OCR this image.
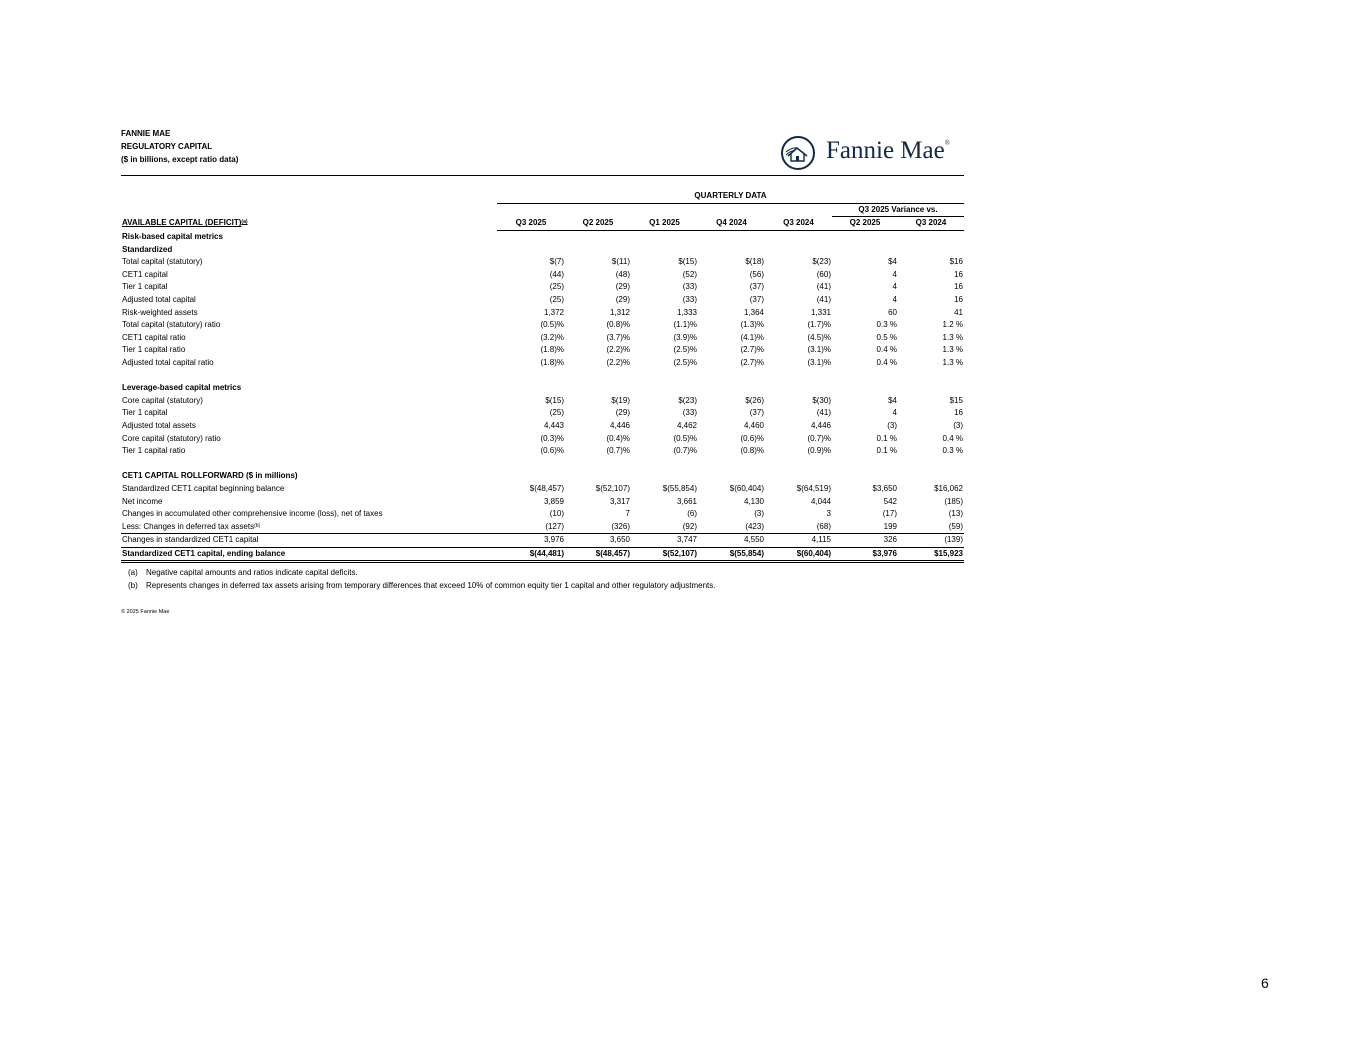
FANNIE MAE
REGULATORY CAPITAL
($ in billions, except ratio data)	Fannie Mae®
	QUARTERLY DATA						
						Q3 2025 Variance vs.	
AVAILABLE CAPITAL (DEFICIT)$^{(a)}$	Q3 2025	Q2 2025	Q1 2025	Q4 2024	Q3 2024	Q2 2025	Q3 2024
Risk-based capital metrics							
Standardized							
Total capital (statutory)	$(7)	$(11)	$(15)	$(18)	$(23)	$4	$16
CET1 capital	(44)	(48)	(52)	(56)	(60)	4	16
Tier 1 capital	(25)	(29)	(33)	(37)	(41)	4	16
Adjusted total capital	(25)	(29)	(33)	(37)	(41)	4	16
Risk-weighted assets	1,372	1,312	1,333	1,364	1,331	60	41
Total capital (statutory) ratio	(0.5)%	(0.8)%	(1.1)%	(1.3)%	(1.7)%	0.3 %	1.2 %
CET1 capital ratio	(3.2)%	(3.7)%	(3.9)%	(4.1)%	(4.5)%	0.5 %	1.3 %
Tier 1 capital ratio	(1.8)%	(2.2)%	(2.5)%	(2.7)%	(3.1)%	0.4 %	1.3 %
Adjusted total capital ratio	(1.8)%	(2.2)%	(2.5)%	(2.7)%	(3.1)%	0.4 %	1.3 %

Leverage-based capital metrics							
Core capital (statutory)	$(15)	$(19)	$(23)	$(26)	$(30)	$4	$15
Tier 1 capital	(25)	(29)	(33)	(37)	(41)	4	16
Adjusted total assets	4,443	4,446	4,462	4,460	4,446	(3)	(3)
Core capital (statutory) ratio	(0.3)%	(0.4)%	(0.5)%	(0.6)%	(0.7)%	0.1 %	0.4 %
Tier 1 capital ratio	(0.6)%	(0.7)%	(0.7)%	(0.8)%	(0.9)%	0.1 %	0.3 %

CET1 CAPITAL ROLLFORWARD ($ in millions)							
Standardized CET1 capital beginning balance	$(48,457)	$(52,107)	$(55,854)	$(60,404)	$(64,519)	$3,650	$16,062
Net income	3,859	3,317	3,661	4,130	4,044	542	(185)
Changes in accumulated other comprehensive income (loss), net of taxes	(10)	7	(6)	(3)	3	(17)	(13)
Less: Changes in deferred tax assets$^{(b)}$	(127)	(326)	(92)	(423)	(68)	199	(59)
Changes in standardized CET1 capital	3,976	3,650	3,747	4,550	4,115	326	(139)
Standardized CET1 capital, ending balance	$(44,481)	$(48,457)	$(52,107)	$(55,854)	$(60,404)	$3,976	$15,923
(a) Negative capital amounts and ratios indicate capital deficits.
(b) Represents changes in deferred tax assets arising from temporary differences that exceed 10% of common equity tier 1 capital and other regulatory adjustments.
© 2025 Fannie Mae
6
